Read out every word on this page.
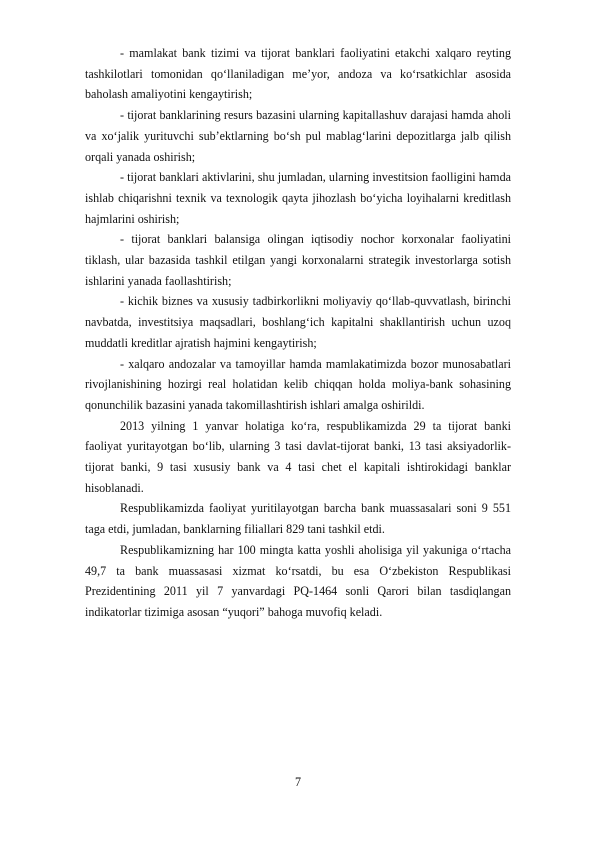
- mamlakat bank tizimi va tijorat banklari faoliyatini etakchi xalqaro reyting tashkilotlari tomonidan qo‘llaniladigan me’yor, andoza va ko‘rsatkichlar asosida baholash amaliyotini kengaytirish;

- tijorat banklarining resurs bazasini ularning kapitallashuv darajasi hamda aholi va xo‘jalik yurituvchi sub’ektlarning bo‘sh pul mablag‘larini depozitlarga jalb qilish orqali yanada oshirish;

- tijorat banklari aktivlarini, shu jumladan, ularning investitsion faolligini hamda ishlab chiqarishni texnik va texnologik qayta jihozlash bo‘yicha loyihalarni kreditlash hajmlarini oshirish;

- tijorat banklari balansiga olingan iqtisodiy nochor korxonalar faoliyatini tiklash, ular bazasida tashkil etilgan yangi korxonalarni strategik investorlarga sotish ishlarini yanada faollashtirish;

- kichik biznes va xususiy tadbirkorlikni moliyaviy qo‘llab-quvvatlash, birinchi navbatda, investitsiya maqsadlari, boshlang‘ich kapitalni shakllantirish uchun uzoq muddatli kreditlar ajratish hajmini kengaytirish;

- xalqaro andozalar va tamoyillar hamda mamlakatimizda bozor munosabatlari rivojlanishining hozirgi real holatidan kelib chiqqan holda moliya-bank sohasining qonunchilik bazasini yanada takomillashtirish ishlari amalga oshirildi.

2013 yilning 1 yanvar holatiga ko‘ra, respublikamizda 29 ta tijorat banki faoliyat yuritayotgan bo‘lib, ularning 3 tasi davlat-tijorat banki, 13 tasi aksiyadorlik-tijorat banki, 9 tasi xususiy bank va 4 tasi chet el kapitali ishtirokidagi banklar hisoblanadi.

Respublikamizda faoliyat yuritilayotgan barcha bank muassasalari soni 9 551 taga etdi, jumladan, banklarning filiallari 829 tani tashkil etdi.

Respublikamizning har 100 mingta katta yoshli aholisiga yil yakuniga o‘rtacha 49,7 ta bank muassasasi xizmat ko‘rsatdi, bu esa O‘zbekiston Respublikasi Prezidentining 2011 yil 7 yanvardagi PQ-1464 sonli Qarori bilan tasdiqlangan indikatorlar tizimiga asosan “yuqori” bahoga muvofiq keladi.

7
